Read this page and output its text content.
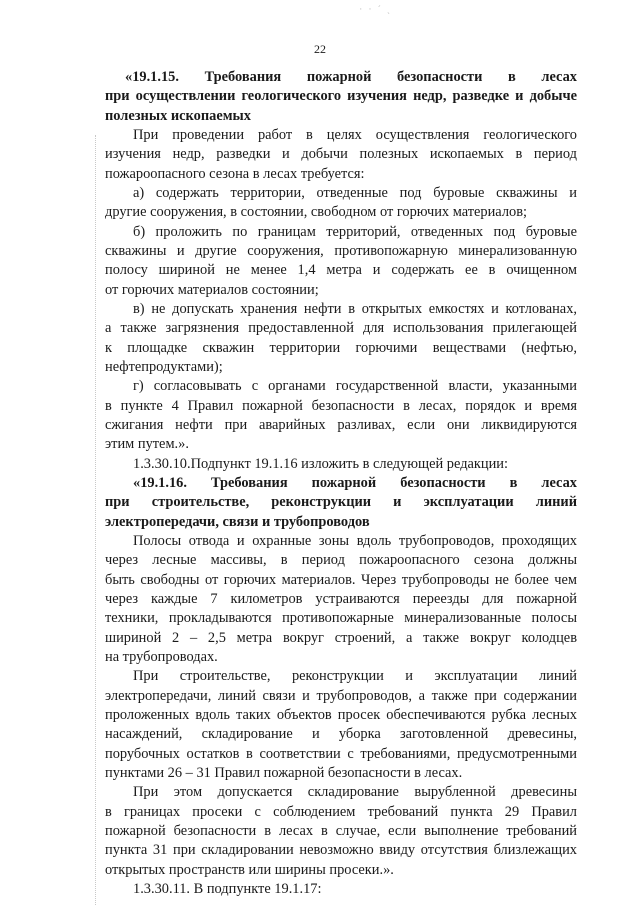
· · ˊ ˎ
22
«19.1.15. Требования пожарной безопасности в лесах
при осуществлении геологического изучения недр, разведке и добыче
полезных ископаемых
При проведении работ в целях осуществления геологического
изучения недр, разведки и добычи полезных ископаемых в период
пожароопасного сезона в лесах требуется:
а) содержать территории, отведенные под буровые скважины и
другие сооружения, в состоянии, свободном от горючих материалов;
б) проложить по границам территорий, отведенных под буровые
скважины и другие сооружения, противопожарную минерализованную
полосу шириной не менее 1,4 метра и содержать ее в очищенном
от горючих материалов состоянии;
в) не допускать хранения нефти в открытых емкостях и котлованах,
а также загрязнения предоставленной для использования прилегающей
к площадке скважин территории горючими веществами (нефтью,
нефтепродуктами);
г) согласовывать с органами государственной власти, указанными
в пункте 4 Правил пожарной безопасности в лесах, порядок и время
сжигания нефти при аварийных разливах, если они ликвидируются
этим путем.».
1.3.30.10.Подпункт 19.1.16 изложить в следующей редакции:
«19.1.16. Требования пожарной безопасности в лесах
при строительстве, реконструкции и эксплуатации линий
электропередачи, связи и трубопроводов
Полосы отвода и охранные зоны вдоль трубопроводов, проходящих
через лесные массивы, в период пожароопасного сезона должны
быть свободны от горючих материалов. Через трубопроводы не более чем
через каждые 7 километров устраиваются переезды для пожарной
техники, прокладываются противопожарные минерализованные полосы
шириной 2 – 2,5 метра вокруг строений, а также вокруг колодцев
на трубопроводах.
При строительстве, реконструкции и эксплуатации линий
электропередачи, линий связи и трубопроводов, а также при содержании
проложенных вдоль таких объектов просек обеспечиваются рубка лесных
насаждений, складирование и уборка заготовленной древесины,
порубочных остатков в соответствии с требованиями, предусмотренными
пунктами 26 – 31 Правил пожарной безопасности в лесах.
При этом допускается складирование вырубленной древесины
в границах просеки с соблюдением требований пункта 29 Правил
пожарной безопасности в лесах в случае, если выполнение требований
пункта 31 при складировании невозможно ввиду отсутствия близлежащих
открытых пространств или ширины просеки.».
1.3.30.11. В подпункте 19.1.17:
